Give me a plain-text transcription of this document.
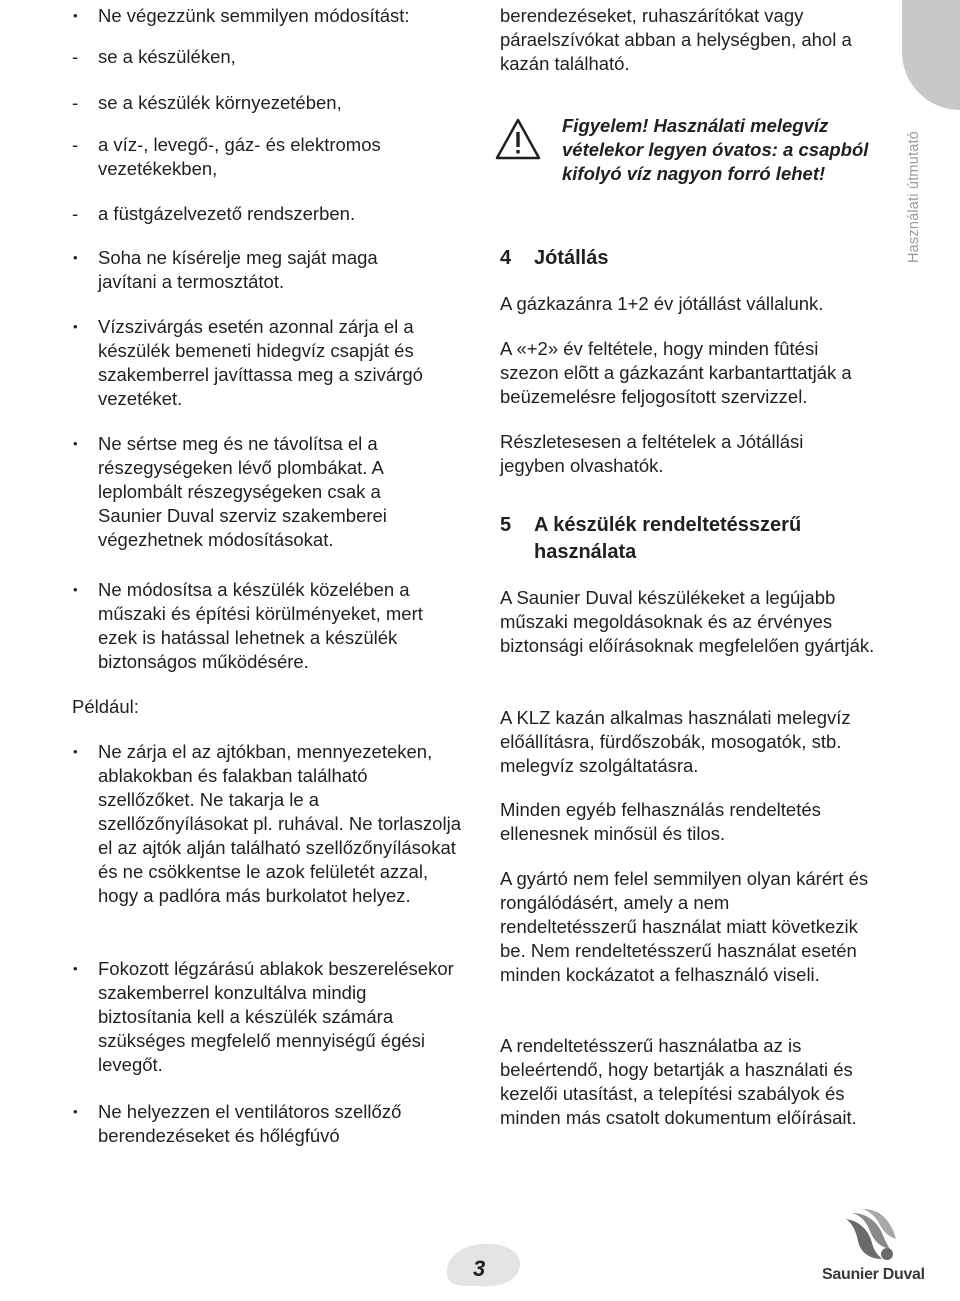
Használati útmutató
• Ne végezzünk semmilyen módosítást:
- se a készüléken,
- se a készülék környezetében,
- a víz-, levegő-, gáz- és elektromos vezetékekben,
- a füstgázelvezető rendszerben.
• Soha ne kísérelje meg saját maga javítani a termosztátot.
• Vízszivárgás esetén azonnal zárja el a készülék bemeneti hidegvíz csapját és szakemberrel javíttassa meg a szivárgó vezetéket.
• Ne sértse meg és ne távolítsa el a részegységeken lévő plombákat. A leplombált részegységeken csak a Saunier Duval szerviz szakemberei végezhetnek módosításokat.
• Ne módosítsa a készülék közelében a műszaki és építési körülményeket, mert ezek is hatással lehetnek a készülék biztonságos működésére.

Például:

• Ne zárja el az ajtókban, mennyezeteken, ablakokban és falakban található szellőzőket. Ne takarja le a szellőzőnyílásokat pl. ruhával. Ne torlaszolja el az ajtók alján található szellőzőnyílásokat és ne csökkentse le azok felületét azzal, hogy a padlóra más burkolatot helyez.
• Fokozott légzárású ablakok beszerelésekor szakemberrel konzultálva mindig biztosítania kell a készülék számára szükséges megfelelő mennyiségű égési levegőt.
• Ne helyezzen el ventilátoros szellőző berendezéseket és hőlégfúvó

berendezéseket, ruhaszárítókat vagy páraelszívókat abban a helységben, ahol a kazán található.

Figyelem! Használati melegvíz vételekor legyen óvatos: a csapból kifolyó víz nagyon forró lehet!

4 Jótállás

A gázkazánra 1+2 év jótállást vállalunk.

A «+2» év feltétele, hogy minden fûtési szezon elõtt a gázkazánt karbantarttatják a beüzemelésre feljogosított szervizzel.

Részletesesen a feltételek a Jótállási jegyben olvashatók.

5 A készülék rendeltetésszerű használata

A Saunier Duval készülékeket a legújabb műszaki megoldásoknak és az érvényes biztonsági előírásoknak megfelelően gyártják.

A KLZ kazán alkalmas használati melegvíz előállításra, fürdőszobák, mosogatók, stb. melegvíz szolgáltatásra.

Minden egyéb felhasználás rendeltetés ellenesnek minősül és tilos.

A gyártó nem felel semmilyen olyan kárért és rongálódásért, amely a nem rendeltetésszerű használat miatt következik be. Nem rendeltetésszerű használat esetén minden kockázatot a felhasználó viseli.

A rendeltetésszerű használatba az is beleértendő, hogy betartják a használati és kezelői utasítást, a telepítési szabályok és minden más csatolt dokumentum előírásait.

3	Saunier Duval
